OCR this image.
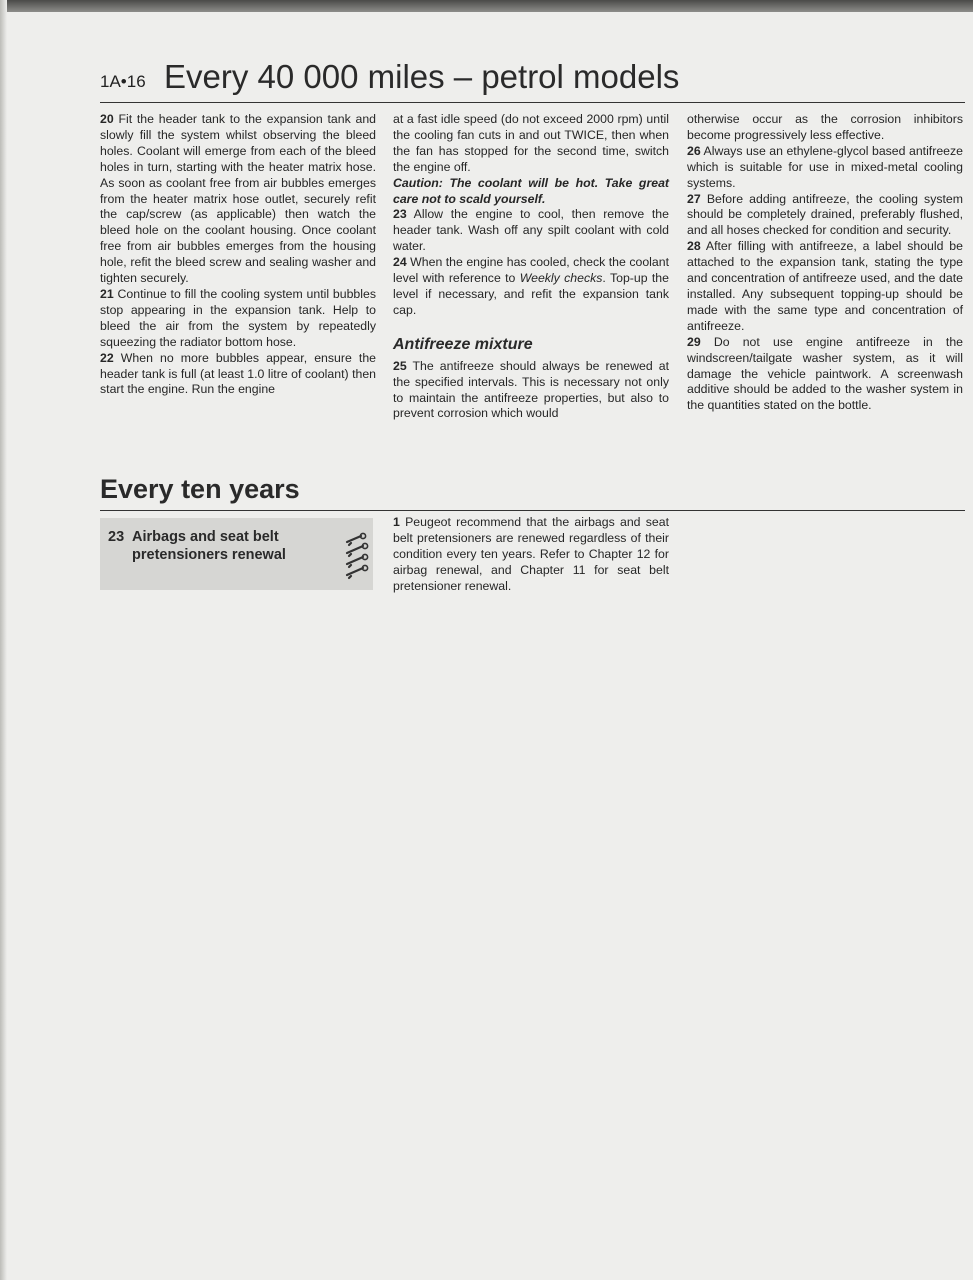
1A•16 Every 40 000 miles – petrol models

20 Fit the header tank to the expansion tank and slowly fill the system whilst observing the bleed holes. Coolant will emerge from each of the bleed holes in turn, starting with the heater matrix hose. As soon as coolant free from air bubbles emerges from the heater matrix hose outlet, securely refit the cap/screw (as applicable) then watch the bleed hole on the coolant housing. Once coolant free from air bubbles emerges from the housing hole, refit the bleed screw and sealing washer and tighten securely.

21 Continue to fill the cooling system until bubbles stop appearing in the expansion tank. Help to bleed the air from the system by repeatedly squeezing the radiator bottom hose.

22 When no more bubbles appear, ensure the header tank is full (at least 1.0 litre of coolant) then start the engine. Run the engine

at a fast idle speed (do not exceed 2000 rpm) until the cooling fan cuts in and out TWICE, then when the fan has stopped for the second time, switch the engine off.

Caution: The coolant will be hot. Take great care not to scald yourself.

23 Allow the engine to cool, then remove the header tank. Wash off any spilt coolant with cold water.

24 When the engine has cooled, check the coolant level with reference to Weekly checks. Top-up the level if necessary, and refit the expansion tank cap.

Antifreeze mixture

25 The antifreeze should always be renewed at the specified intervals. This is necessary not only to maintain the antifreeze properties, but also to prevent corrosion which would

otherwise occur as the corrosion inhibitors become progressively less effective.

26 Always use an ethylene-glycol based antifreeze which is suitable for use in mixed-metal cooling systems.

27 Before adding antifreeze, the cooling system should be completely drained, preferably flushed, and all hoses checked for condition and security.

28 After filling with antifreeze, a label should be attached to the expansion tank, stating the type and concentration of antifreeze used, and the date installed. Any subsequent topping-up should be made with the same type and concentration of antifreeze.

29 Do not use engine antifreeze in the windscreen/tailgate washer system, as it will damage the vehicle paintwork. A screenwash additive should be added to the washer system in the quantities stated on the bottle.

Every ten years
23 Airbags and seat belt
pretensioners renewal

1 Peugeot recommend that the airbags and seat belt pretensioners are renewed regardless of their condition every ten years. Refer to Chapter 12 for airbag renewal, and Chapter 11 for seat belt pretensioner renewal.
